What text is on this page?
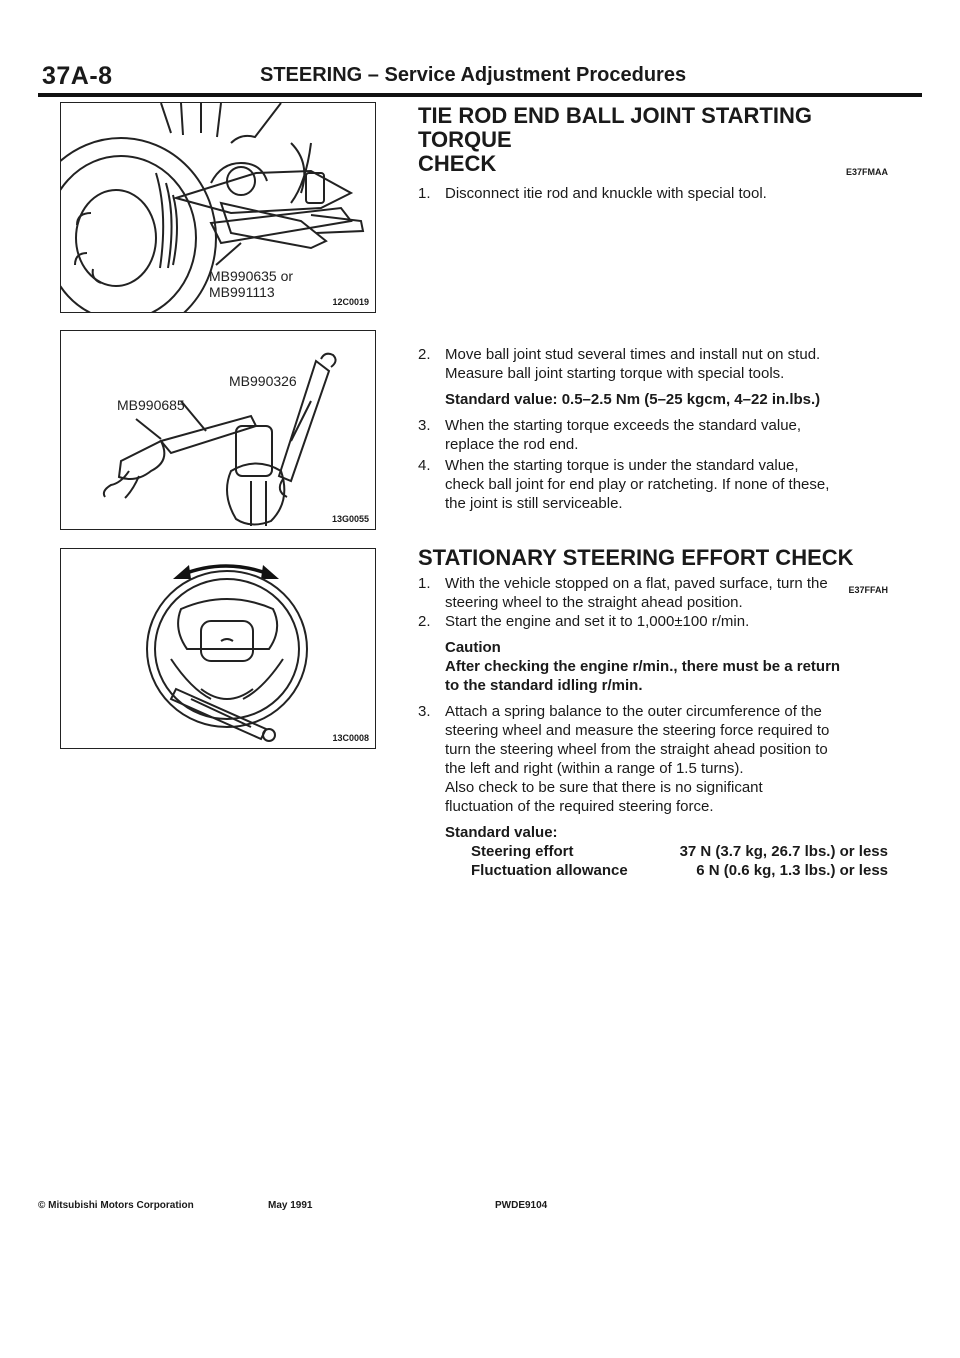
37A-8	STEERING – Service Adjustment Procedures
MB990635 or
MB991113
12C0019
MB990685
MB990326
13G0055
13C0008
TIE ROD END BALL JOINT STARTING TORQUE
CHECK	E37FMAA

1. Disconnect itie rod and knuckle with special tool.

2. Move ball joint stud several times and install nut on stud.
Measure ball joint starting torque with special tools.

Standard value: 0.5–2.5 Nm (5–25 kgcm, 4–22 in.lbs.)

3. When the starting torque exceeds the standard value,
replace the rod end.

4. When the starting torque is under the standard value,
check ball joint for end play or ratcheting. If none of these,
the joint is still serviceable.

STATIONARY STEERING EFFORT CHECK
E37FFAH

1. With the vehicle stopped on a flat, paved surface, turn the
steering wheel to the straight ahead position.

2. Start the engine and set it to 1,000±100 r/min.

Caution
After checking the engine r/min., there must be a return
to the standard idling r/min.

3. Attach a spring balance to the outer circumference of the
steering wheel and measure the steering force required to
turn the steering wheel from the straight ahead position to
the left and right (within a range of 1.5 turns).
Also check to be sure that there is no significant
fluctuation of the required steering force.

Standard value:

Steering effort	37 N (3.7 kg, 26.7 lbs.) or less
Fluctuation allowance	6 N (0.6 kg, 1.3 lbs.) or less
© Mitsubishi Motors Corporation	May 1991	PWDE9104
